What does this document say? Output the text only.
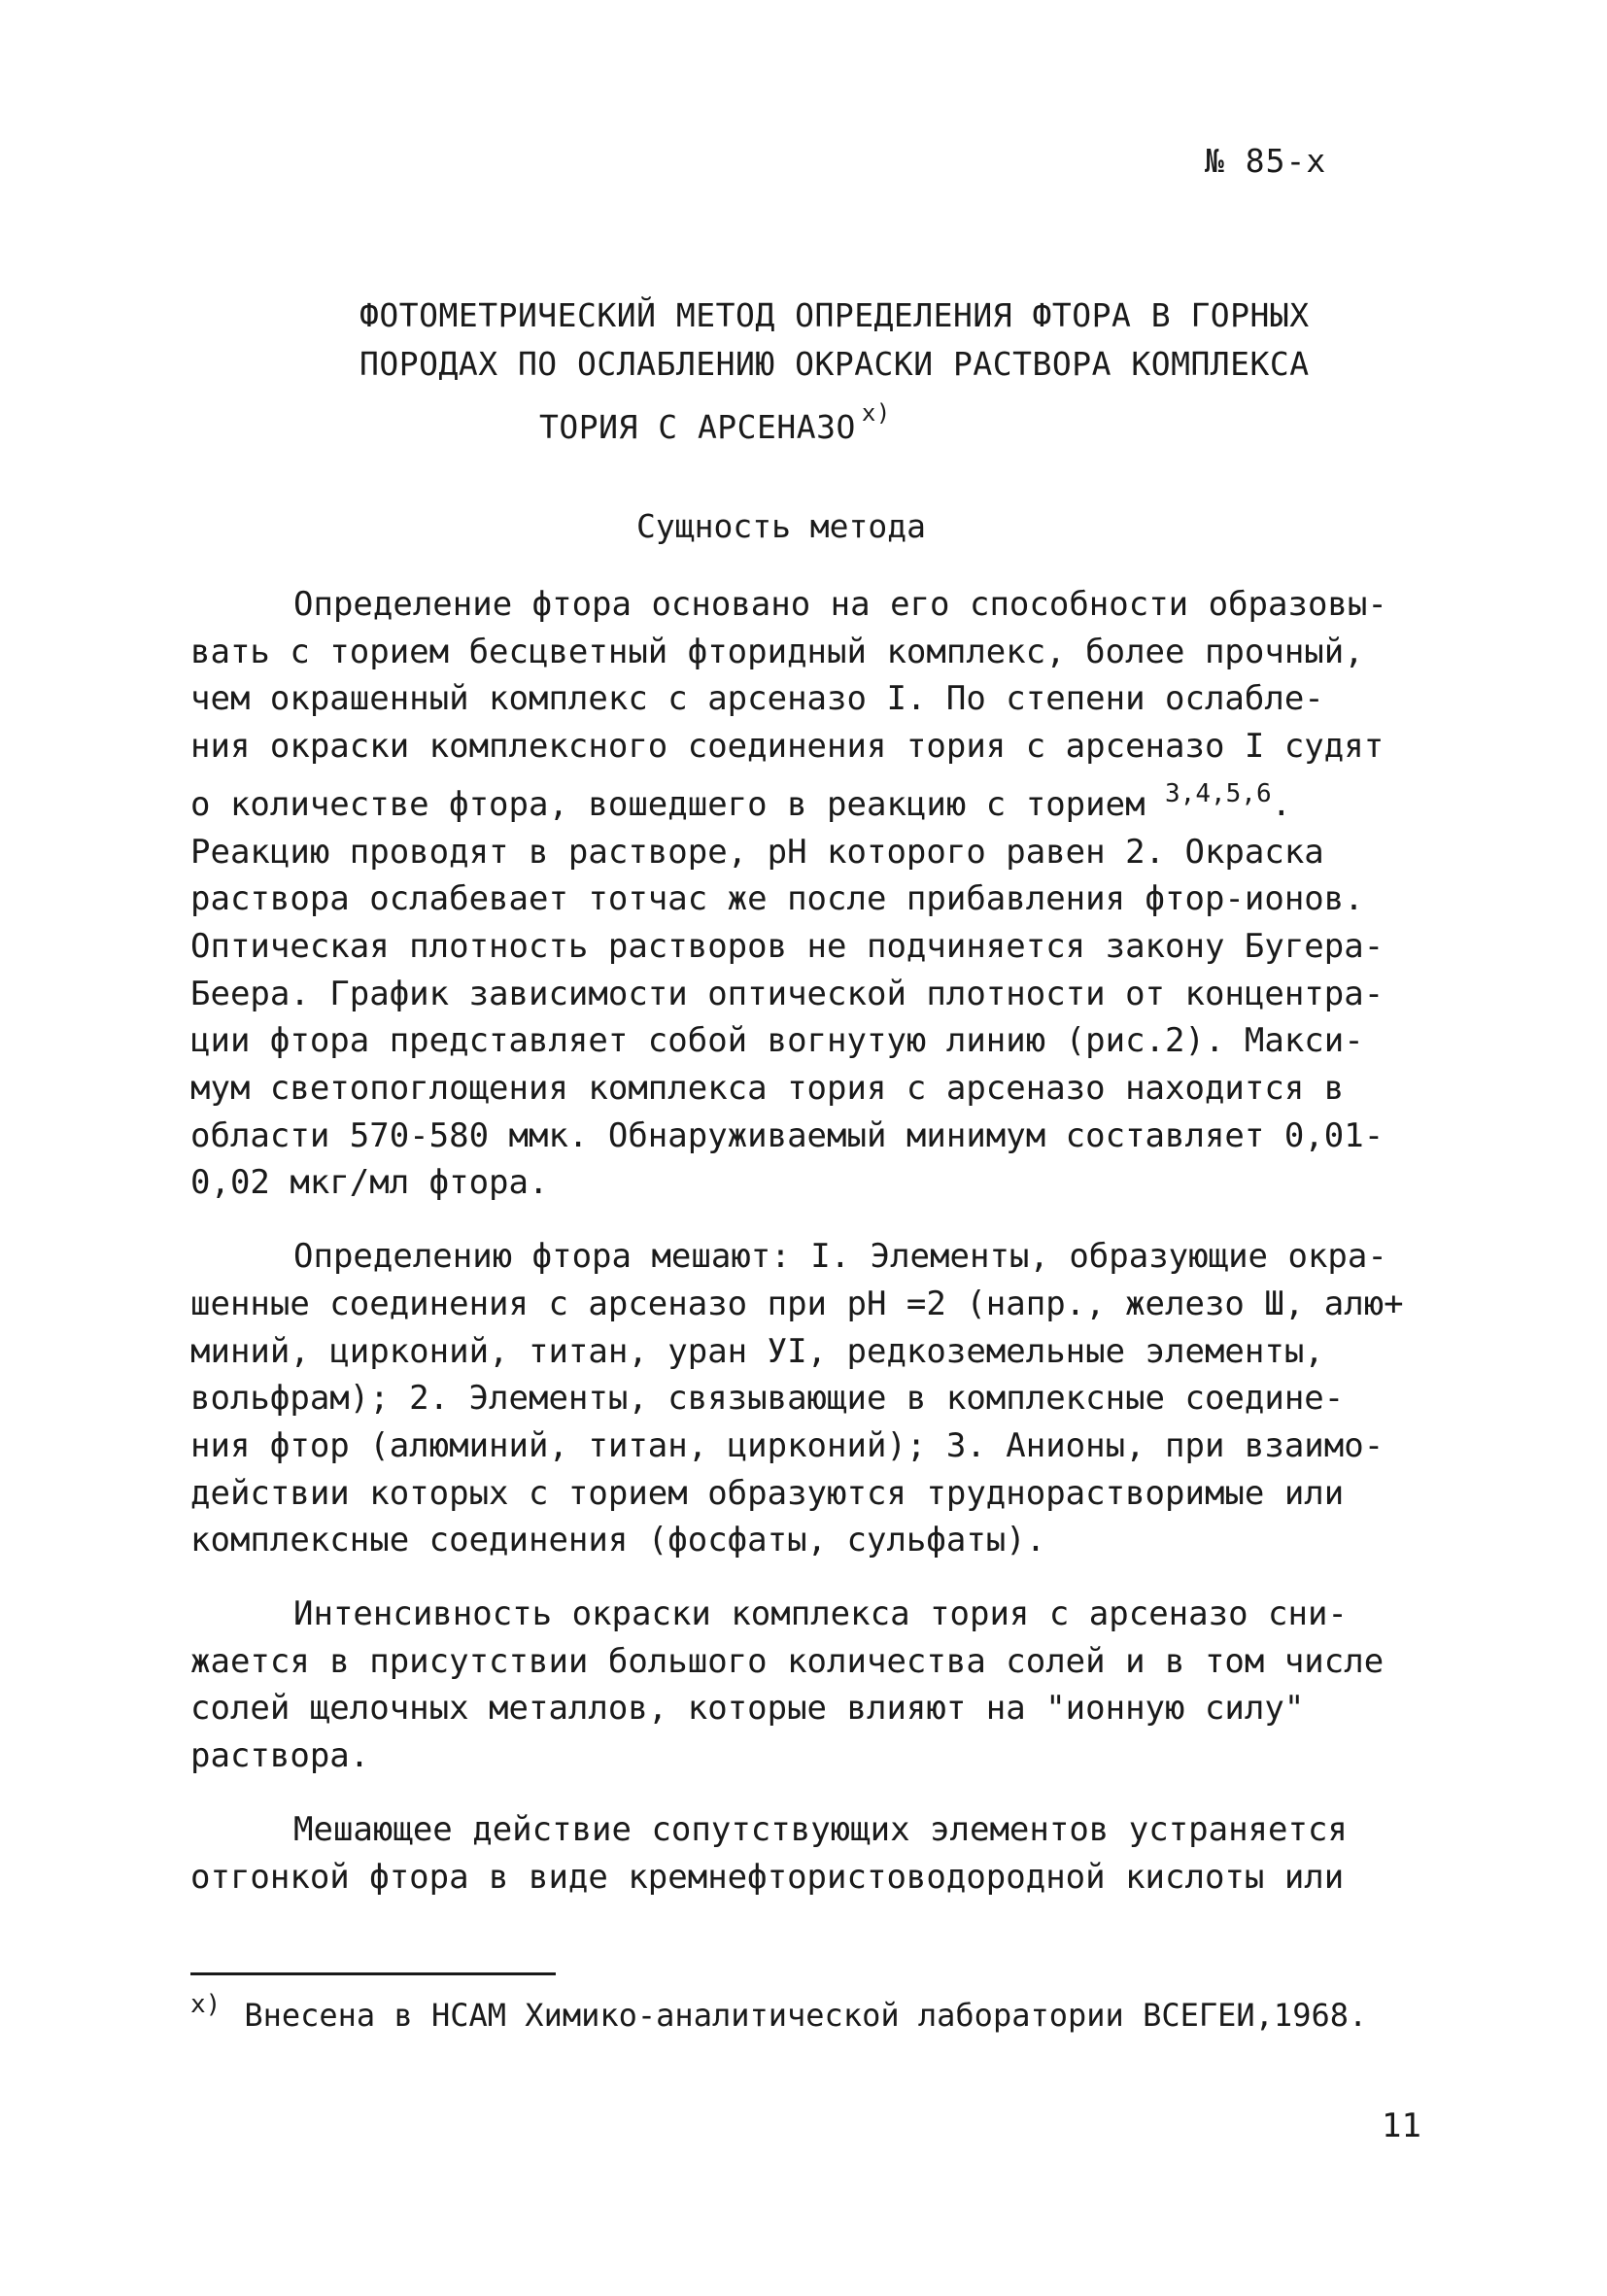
№ 85-х
ФОТОМЕТРИЧЕСКИЙ МЕТОД ОПРЕДЕЛЕНИЯ ФТОРА В ГОРНЫХ
ПОРОДАХ ПО ОСЛАБЛЕНИЮ ОКРАСКИ РАСТВОРА КОМПЛЕКСА
ТОРИЯ С АРСЕНАЗО $^{х)}$
Сущность метода
Определение фтора основано на его способности образовы-
вать с торием бесцветный фторидный комплекс, более прочный,
чем окрашенный комплекс с арсеназо I. По степени ослабле-
ния окраски комплексного соединения тория с арсеназо I судят
о количестве фтора, вошедшего в реакцию с торием $^{3,4,5,6}$.
Реакцию проводят в растворе, рН которого равен 2. Окраска
раствора ослабевает тотчас же после прибавления фтор-ионов.
Оптическая плотность растворов не подчиняется закону Бугера-
Беера. График зависимости оптической плотности от концентра-
ции фтора представляет собой вогнутую линию (рис.2). Макси-
мум светопоглощения комплекса тория с арсеназо находится в
области 570-580 ммк. Обнаруживаемый минимум составляет 0,01-
0,02 мкг/мл фтора.
Определению фтора мешают: I. Элементы, образующие окра-
шенные соединения с арсеназо при рН =2 (напр., железо Ш, алю+
миний, цирконий, титан, уран УI, редкоземельные элементы,
вольфрам); 2. Элементы, связывающие в комплексные соедине-
ния фтор (алюминий, титан, цирконий); 3. Анионы, при взаимо-
действии которых с торием образуются труднорастворимые или
комплексные соединения (фосфаты, сульфаты).
Интенсивность окраски комплекса тория с арсеназо сни-
жается в присутствии большого количества солей и в том числе
солей щелочных металлов, которые влияют на "ионную силу"
раствора.
Мешающее действие сопутствующих элементов устраняется
отгонкой фтора в виде кремнефтористоводородной кислоты или
$^{х)}$ Внесена в НСАМ Химико-аналитической лаборатории ВСЕГЕИ,1968.
11
